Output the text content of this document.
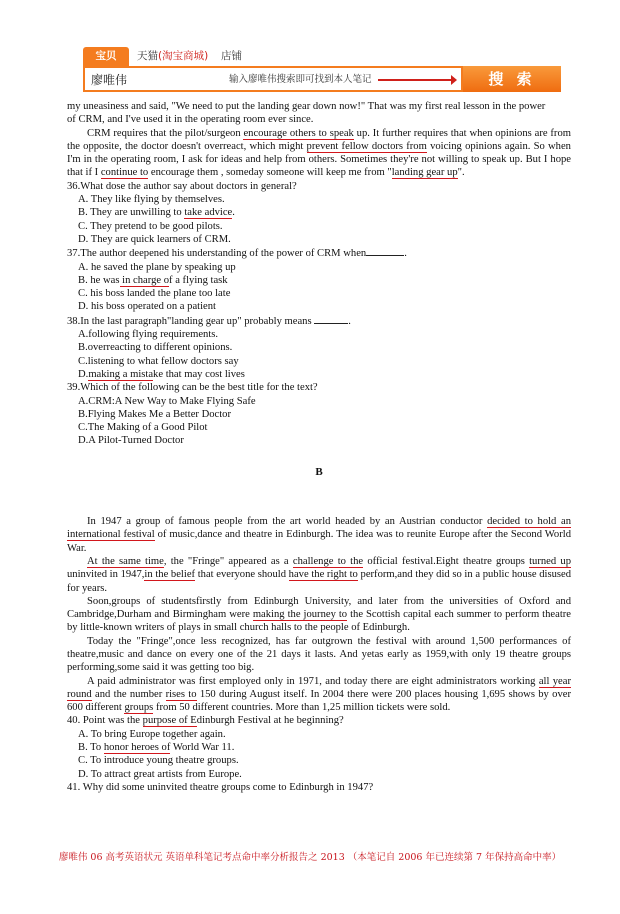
宝贝	天猫(淘宝商城) 店铺
廖唯伟	输入廖唯伟搜索即可找到本人笔记	搜 索

my uneasiness and said, "We need to put the landing gear down now!" That was my first real lesson in the power

of CRM, and I've used it in the operating room ever since.

CRM requires that the pilot/surgeon encourage others to speak up. It further requires that when opinions are from the opposite, the doctor doesn't overreact, which might prevent fellow doctors from voicing opinions again. So when I'm in the operating room, I ask for ideas and help from others. Sometimes they're not willing to speak up. But I hope that if I continue to encourage them , someday someone will keep me from "landing gear up".

36.What dose the author say about doctors in general?

A. They like flying by themselves.

B. They are unwilling to take advice.

C. They pretend to be good pilots.

D. They are quick learners of CRM.

37.The author deepened his understanding of the power of CRM when	.

A. he saved the plane by speaking up

B. he was in charge of a flying task

C. his boss landed the plane too late

D. his boss operated on a patient

38.In the last paragraph"landing gear up" probably means	.

A.following flying requirements.

B.overreacting to different opinions.

C.listening to what fellow doctors say

D.making a mistake that may cost lives

39.Which of the following can be the best title for the text?

A.CRM:A New Way to Make Flying Safe

B.Flying Makes Me a Better Doctor

C.The Making of a Good Pilot

D.A Pilot-Turned Doctor

B

In 1947 a group of famous people from the art world headed by an Austrian conductor decided to hold an international festival of music,dance and theatre in Edinburgh. The idea was to reunite Europe after the Second World War.

At the same time, the "Fringe" appeared as a challenge to the official festival.Eight theatre groups turned up uninvited in 1947,in the belief that everyone should have the right to perform,and they did so in a public house disused for years.

Soon,groups of studentsfirstly from Edinburgh University, and later from the universities of Oxford and Cambridge,Durham and Birmingham were making the journey to the Scottish capital each summer to perform theatre by little-known writers of plays in small church halls to the people of Edinburgh.

Today the "Fringe",once less recognized, has far outgrown the festival with around 1,500 performances of theatre,music and dance on every one of the 21 days it lasts. And yetas early as 1959,with only 19 theatre groups performing,some said it was getting too big.

A paid administrator was first employed only in 1971, and today there are eight administrators working all year round and the number rises to 150 during August itself. In 2004 there were 200 places housing 1,695 shows by over 600 different groups from 50 different countries. More than 1,25 million tickets were sold.

40. Point was the purpose of Edinburgh Festival at he beginning?

A. To bring Europe together again.

B. To honor heroes of World War 11.

C. To introduce young theatre groups.

D. To attract great artists from Europe.

41. Why did some uninvited theatre groups come to Edinburgh in 1947?

廖唯伟 06 高考英语状元 英语单科笔记考点命中率分析报告之 2013 （本笔记自 2006 年已连续第 7 年保持高命中率）
